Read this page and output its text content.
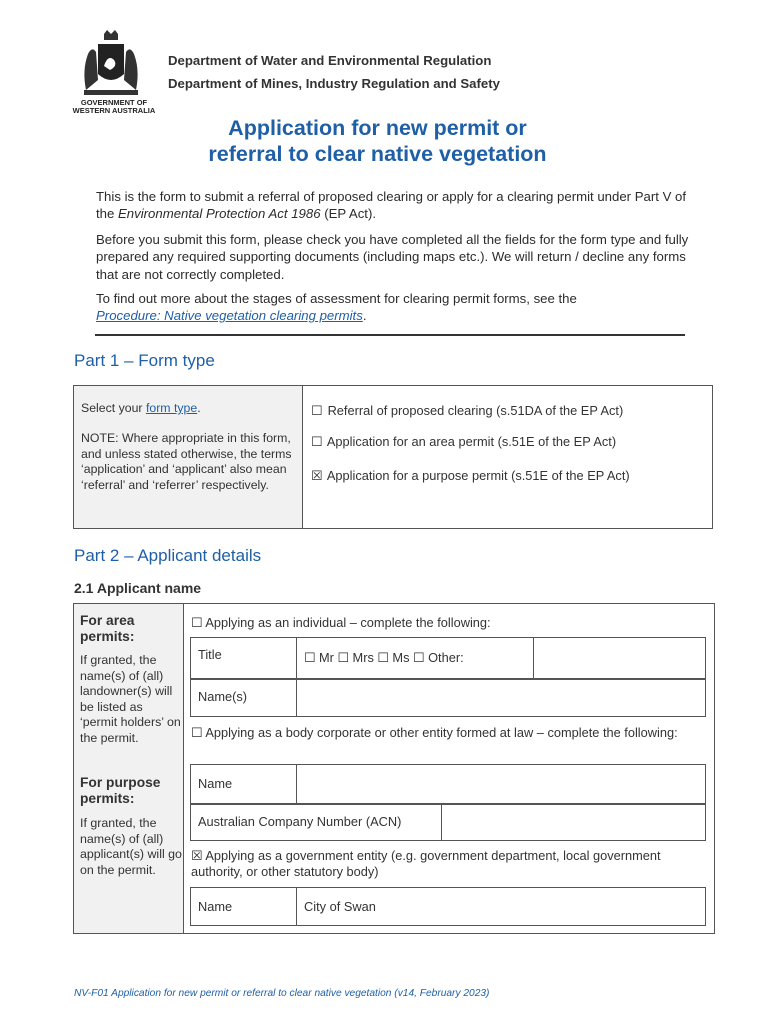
GOVERNMENT OF
WESTERN AUSTRALIA
Department of Water and Environmental Regulation
Department of Mines, Industry Regulation and Safety
Application for new permit or
referral to clear native vegetation
This is the form to submit a referral of proposed clearing or apply for a clearing permit under Part V of the Environmental Protection Act 1986 (EP Act).
Before you submit this form, please check you have completed all the fields for the form type and fully prepared any required supporting documents (including maps etc.). We will return / decline any forms that are not correctly completed.
To find out more about the stages of assessment for clearing permit forms, see the
Procedure: Native vegetation clearing permits.
Part 1 – Form type
Select your form type.
NOTE: Where appropriate in this form, and unless stated otherwise, the terms ‘application’ and ‘applicant’ also mean ‘referral’ and ‘referrer’ respectively.
☐ Referral of proposed clearing (s.51DA of the EP Act)
☐ Application for an area permit (s.51E of the EP Act)
☒ Application for a purpose permit (s.51E of the EP Act)
Part 2 – Applicant details
2.1 Applicant name
For area permits:
If granted, the name(s) of (all) landowner(s) will be listed as ‘permit holders’ on the permit.
For purpose permits:
If granted, the name(s) of (all) applicant(s) will go on the permit.
☐ Applying as an individual – complete the following:
Title	☐ Mr ☐ Mrs ☐ Ms ☐ Other:
Name(s)
☐ Applying as a body corporate or other entity formed at law – complete the following:
Name
Australian Company Number (ACN)
☒ Applying as a government entity (e.g. government department, local government authority, or other statutory body)
Name	City of Swan
NV-F01 Application for new permit or referral to clear native vegetation (v14, February 2023)
